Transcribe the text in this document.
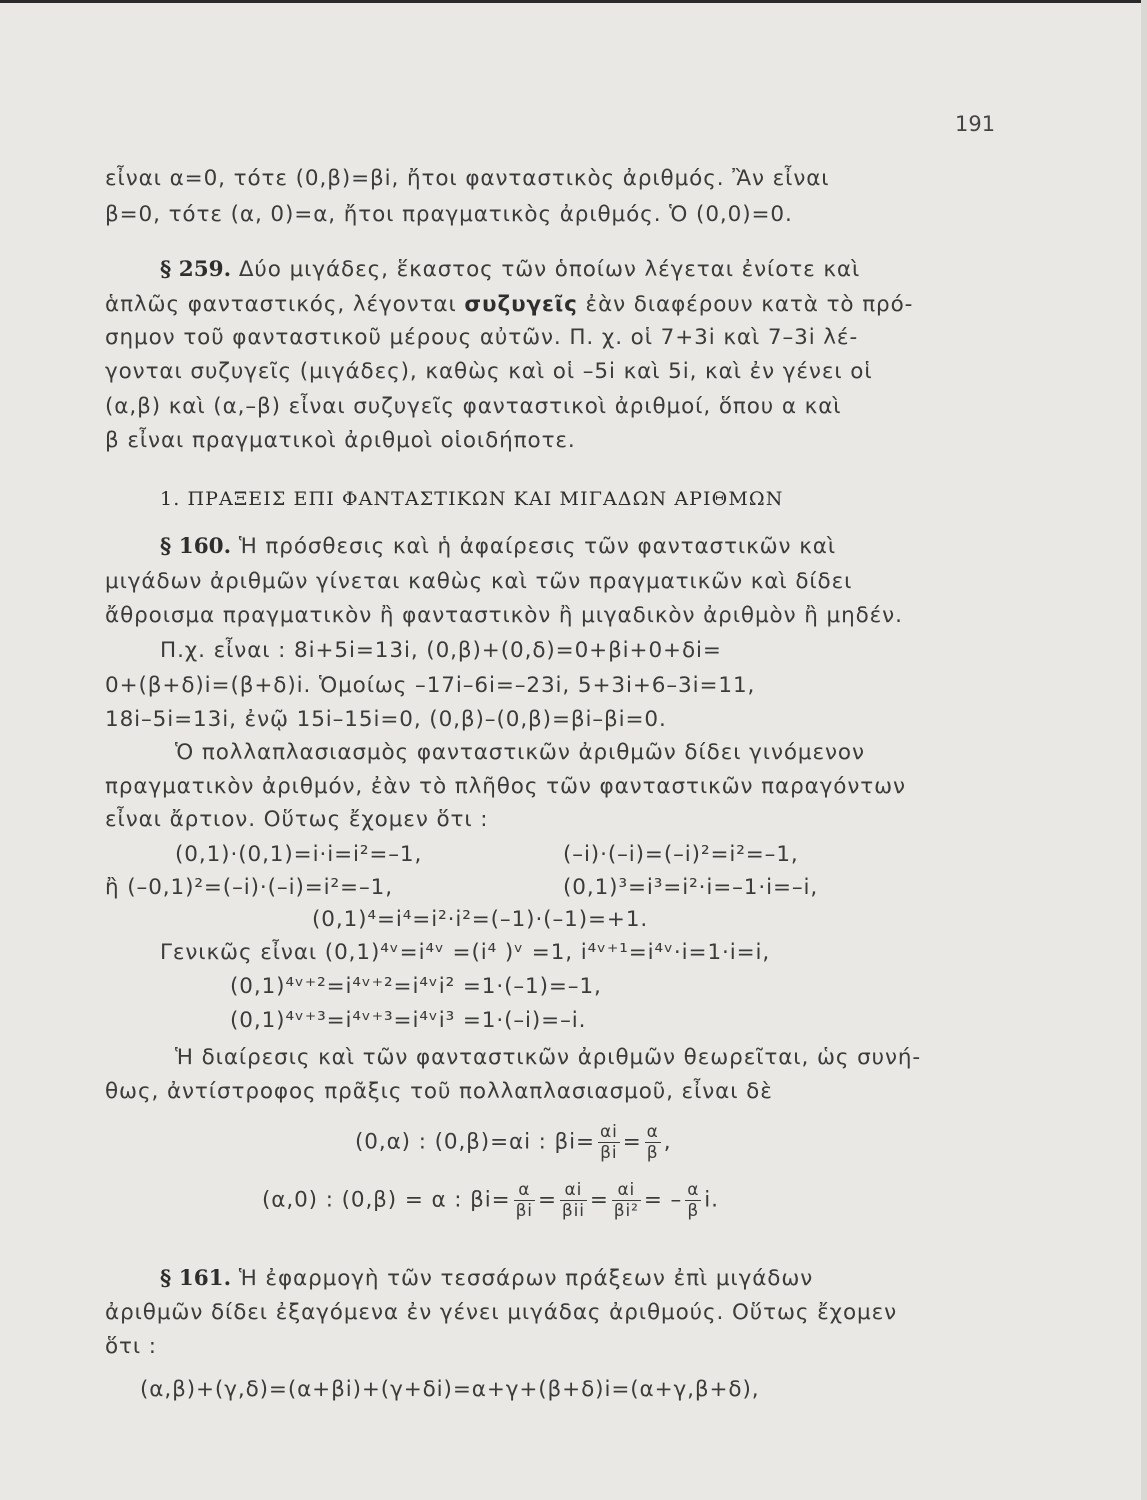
191
εἶναι α=0, τότε (0,β)=βi, ἤτοι φανταστικὸς ἀριθμός. Ἂν εἶναι
β=0, τότε (α, 0)=α, ἤτοι πραγματικὸς ἀριθμός. Ὁ (0,0)=0.
§ 259. Δύο μιγάδες, ἕκαστος τῶν ὁποίων λέγεται ἐνίοτε καὶ
ἁπλῶς φανταστικός, λέγονται συζυγεῖς ἐὰν διαφέρουν κατὰ τὸ πρό-
σημον τοῦ φανταστικοῦ μέρους αὐτῶν. Π. χ. οἱ 7+3i καὶ 7–3i λέ-
γονται συζυγεῖς (μιγάδες), καθὼς καὶ οἱ –5i καὶ 5i, καὶ ἐν γένει οἱ
(α,β) καὶ (α,–β) εἶναι συζυγεῖς φανταστικοὶ ἀριθμοί, ὅπου α καὶ
β εἶναι πραγματικοὶ ἀριθμοὶ οἱοιδήποτε.
1. ΠΡΑΞΕΙΣ ΕΠΙ ΦΑΝΤΑΣΤΙΚΩΝ ΚΑΙ ΜΙΓΑΔΩΝ ΑΡΙΘΜΩΝ
§ 160. Ἡ πρόσθεσις καὶ ἡ ἀφαίρεσις τῶν φανταστικῶν καὶ
μιγάδων ἀριθμῶν γίνεται καθὼς καὶ τῶν πραγματικῶν καὶ δίδει
ἄθροισμα πραγματικὸν ἢ φανταστικὸν ἢ μιγαδικὸν ἀριθμὸν ἢ μηδέν.
Π.χ. εἶναι : 8i+5i=13i, (0,β)+(0,δ)=0+βi+0+δi=
0+(β+δ)i=(β+δ)i. Ὁμοίως –17i–6i=–23i, 5+3i+6–3i=11,
18i–5i=13i, ἐνῷ 15i–15i=0, (0,β)–(0,β)=βi–βi=0.
Ὁ πολλαπλασιασμὸς φανταστικῶν ἀριθμῶν δίδει γινόμενον
πραγματικὸν ἀριθμόν, ἐὰν τὸ πλῆθος τῶν φανταστικῶν παραγόντων
εἶναι ἄρτιον. Οὕτως ἔχομεν ὅτι :
(0,1)·(0,1)=i·i=i²=–1,	(–i)·(–i)=(–i)²=i²=–1,
ἢ (–0,1)²=(–i)·(–i)=i²=–1,	(0,1)³=i³=i²·i=–1·i=–i,
(0,1)⁴=i⁴=i²·i²=(–1)·(–1)=+1.
Γενικῶς εἶναι (0,1)⁴ᵛ=i⁴ᵛ =(i⁴ )ᵛ =1, i⁴ᵛ⁺¹=i⁴ᵛ·i=1·i=i,
(0,1)⁴ᵛ⁺²=i⁴ᵛ⁺²=i⁴ᵛi² =1·(–1)=–1,
(0,1)⁴ᵛ⁺³=i⁴ᵛ⁺³=i⁴ᵛi³ =1·(–i)=–i.
Ἡ διαίρεσις καὶ τῶν φανταστικῶν ἀριθμῶν θεωρεῖται, ὡς συνή-
θως, ἀντίστροφος πρᾶξις τοῦ πολλαπλασιασμοῦ, εἶναι δὲ
(0,α) : (0,β)=αi : $\beta i= \frac{\alpha i}{\beta i} = \frac{\alpha}{\beta}$ ,
(α,0) : (0,β) = α : $\beta i= \frac{\alpha}{\beta i} = \frac{\alpha i}{\text{βii}} = \frac{\alpha i}{\text{βi²}}$ = – $\frac{\alpha}{\beta} i$.
§ 161. Ἡ ἐφαρμογὴ τῶν τεσσάρων πράξεων ἐπὶ μιγάδων
ἀριθμῶν δίδει ἐξαγόμενα ἐν γένει μιγάδας ἀριθμούς. Οὕτως ἔχομεν
ὅτι :
(α,β)+(γ,δ)=(α+βi)+(γ+δi)=α+γ+(β+δ)i=(α+γ,β+δ),
